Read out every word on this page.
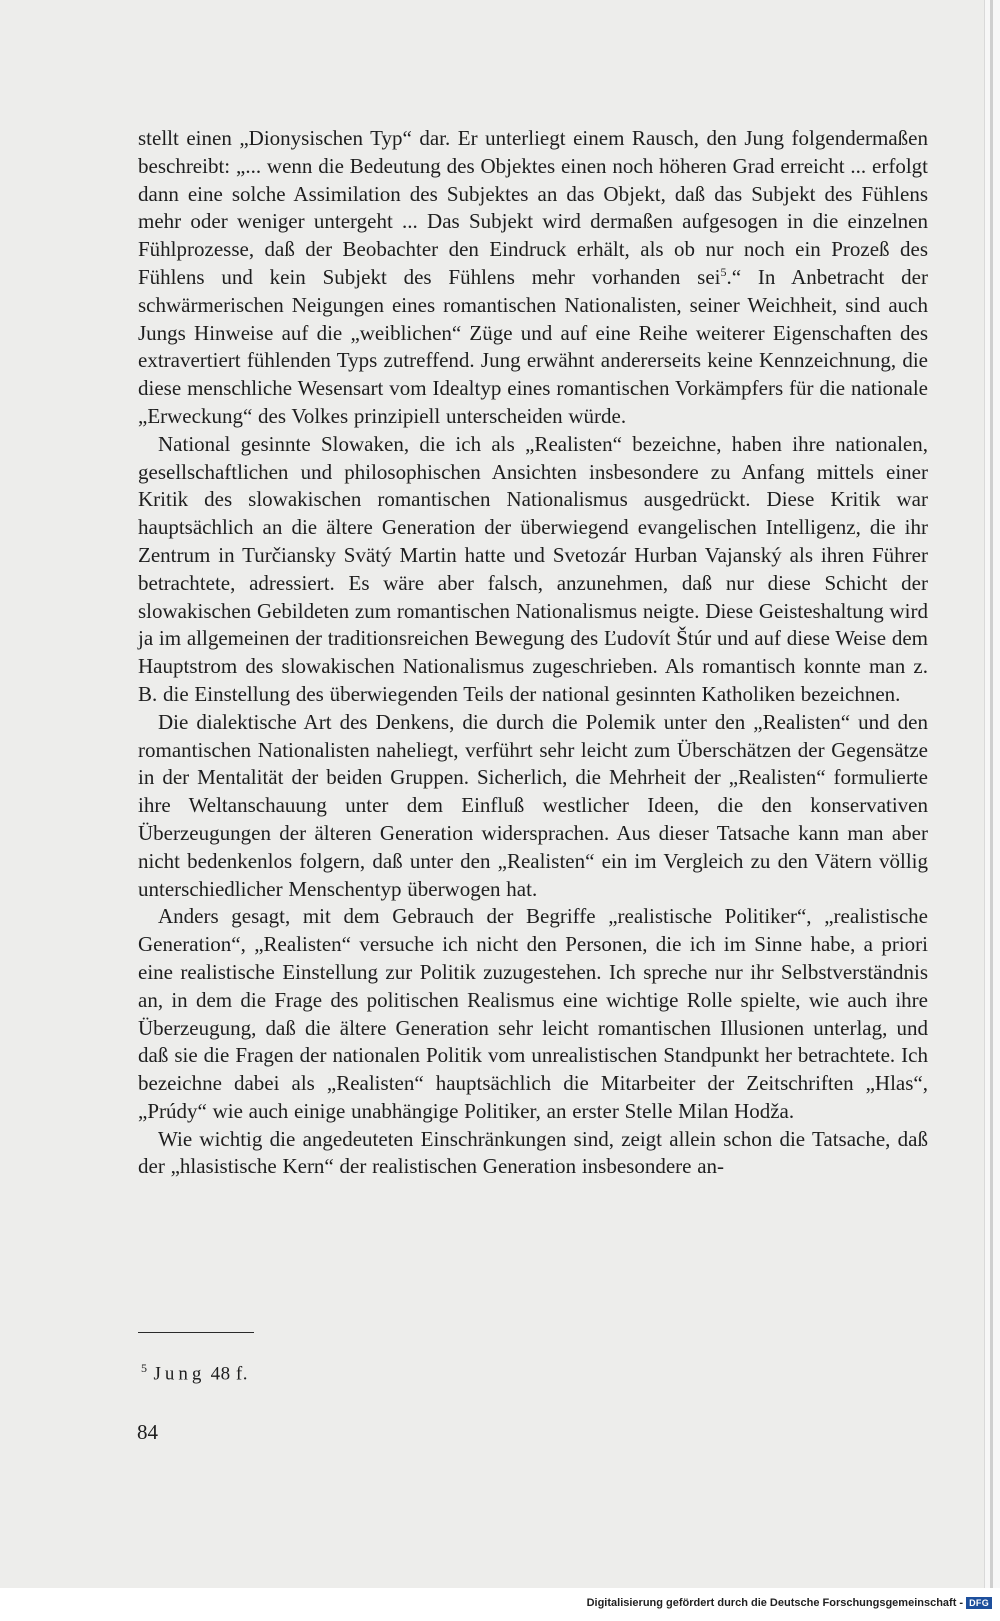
stellt einen „Dionysischen Typ“ dar. Er unterliegt einem Rausch, den Jung folgendermaßen beschreibt: „... wenn die Bedeutung des Objektes einen noch höheren Grad erreicht ... erfolgt dann eine solche Assimilation des Subjektes an das Objekt, daß das Subjekt des Fühlens mehr oder weniger untergeht ... Das Subjekt wird dermaßen aufgesogen in die einzelnen Fühlprozesse, daß der Beobachter den Eindruck erhält, als ob nur noch ein Prozeß des Fühlens und kein Subjekt des Fühlens mehr vorhanden sei$^5$.“ In Anbetracht der schwärmerischen Neigungen eines romantischen Nationalisten, seiner Weichheit, sind auch Jungs Hinweise auf die „weiblichen“ Züge und auf eine Reihe weiterer Eigenschaften des extravertiert fühlenden Typs zutreffend. Jung erwähnt andererseits keine Kennzeichnung, die diese menschliche Wesensart vom Idealtyp eines romantischen Vorkämpfers für die nationale „Erweckung“ des Volkes prinzipiell unterscheiden würde.

National gesinnte Slowaken, die ich als „Realisten“ bezeichne, haben ihre nationalen, gesellschaftlichen und philosophischen Ansichten insbesondere zu Anfang mittels einer Kritik des slowakischen romantischen Nationalismus ausgedrückt. Diese Kritik war hauptsächlich an die ältere Generation der überwiegend evangelischen Intelligenz, die ihr Zentrum in Turčiansky Svätý Martin hatte und Svetozár Hurban Vajanský als ihren Führer betrachtete, adressiert. Es wäre aber falsch, anzunehmen, daß nur diese Schicht der slowakischen Gebildeten zum romantischen Nationalismus neigte. Diese Geisteshaltung wird ja im allgemeinen der traditionsreichen Bewegung des Ľudovít Štúr und auf diese Weise dem Hauptstrom des slowakischen Nationalismus zugeschrieben. Als romantisch konnte man z. B. die Einstellung des überwiegenden Teils der national gesinnten Katholiken bezeichnen.

Die dialektische Art des Denkens, die durch die Polemik unter den „Realisten“ und den romantischen Nationalisten naheliegt, verführt sehr leicht zum Überschätzen der Gegensätze in der Mentalität der beiden Gruppen. Sicherlich, die Mehrheit der „Realisten“ formulierte ihre Weltanschauung unter dem Einfluß westlicher Ideen, die den konservativen Überzeugungen der älteren Generation widersprachen. Aus dieser Tatsache kann man aber nicht bedenkenlos folgern, daß unter den „Realisten“ ein im Vergleich zu den Vätern völlig unterschiedlicher Menschentyp überwogen hat.

Anders gesagt, mit dem Gebrauch der Begriffe „realistische Politiker“, „realistische Generation“, „Realisten“ versuche ich nicht den Personen, die ich im Sinne habe, a priori eine realistische Einstellung zur Politik zuzugestehen. Ich spreche nur ihr Selbstverständnis an, in dem die Frage des politischen Realismus eine wichtige Rolle spielte, wie auch ihre Überzeugung, daß die ältere Generation sehr leicht romantischen Illusionen unterlag, und daß sie die Fragen der nationalen Politik vom unrealistischen Standpunkt her betrachtete. Ich bezeichne dabei als „Realisten“ hauptsächlich die Mitarbeiter der Zeitschriften „Hlas“, „Prúdy“ wie auch einige unabhängige Politiker, an erster Stelle Milan Hodža.

Wie wichtig die angedeuteten Einschränkungen sind, zeigt allein schon die Tatsache, daß der „hlasistische Kern“ der realistischen Generation insbesondere an-

$^5$ Jung 48 f.
84
Digitalisierung gefördert durch die Deutsche Forschungsgemeinschaft - DFG
